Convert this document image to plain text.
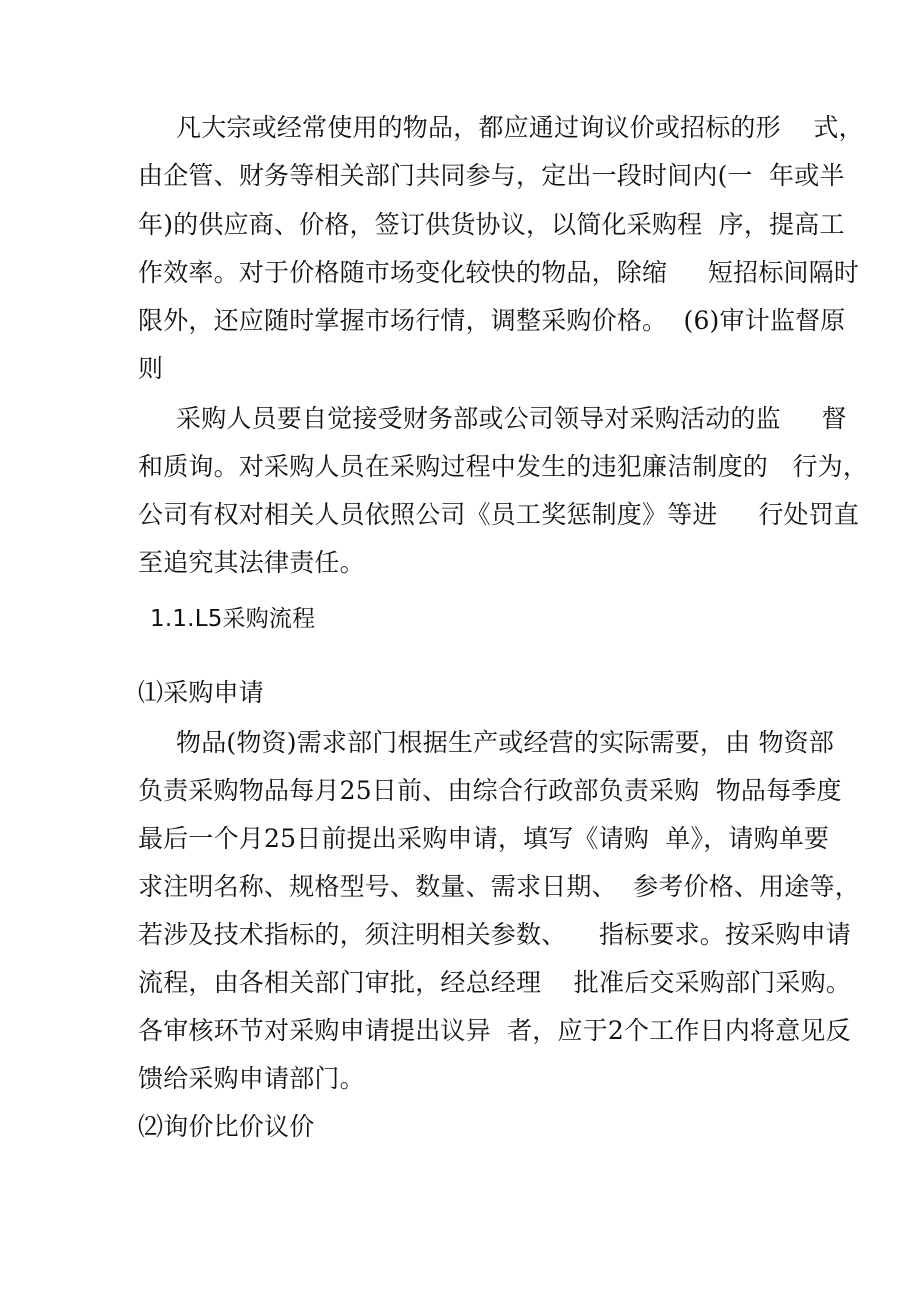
凡大宗或经常使用的物品，都应通过询议价或招标的形    式，
由企管、财务等相关部门共同参与，定出一段时间内(一  年或半
年)的供应商、价格，签订供货协议，以简化采购程  序，提高工
作效率。对于价格随市场变化较快的物品，除缩     短招标间隔时
限外，还应随时掌握市场行情，调整采购价格。  (6)审计监督原
则
采购人员要自觉接受财务部或公司领导对采购活动的监     督
和质询。对采购人员在采购过程中发生的违犯廉洁制度的   行为，
公司有权对相关人员依照公司《员工奖惩制度》等进     行处罚直
至追究其法律责任。
1.1.L5采购流程
⑴采购申请
物品(物资)需求部门根据生产或经营的实际需要，由 物资部
负责采购物品每月25日前、由综合行政部负责采购  物品每季度
最后一个月25日前提出采购申请，填写《请购  单》，请购单要
求注明名称、规格型号、数量、需求日期、  参考价格、用途等，
若涉及技术指标的，须注明相关参数、    指标要求。按采购申请
流程，由各相关部门审批，经总经理    批准后交采购部门采购。
各审核环节对采购申请提出议异  者，应于2个工作日内将意见反
馈给采购申请部门。
⑵询价比价议价
